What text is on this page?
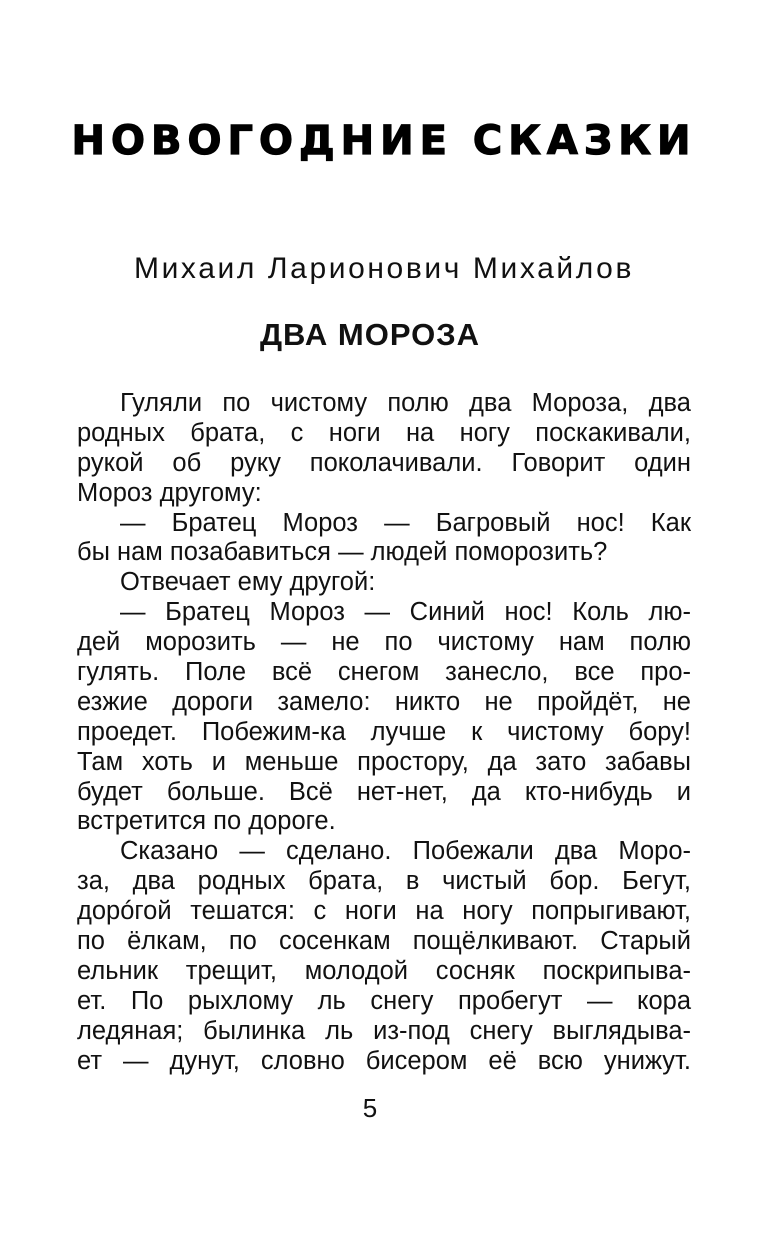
НОВОГОДНИЕ СКАЗКИ
Михаил Ларионович Михайлов
ДВА МОРОЗА
Гуляли по чистому полю два Мороза, два
родных брата, с ноги на ногу поскакивали,
рукой об руку поколачивали. Говорит один
Мороз другому:
— Братец Мороз — Багровый нос! Как
бы нам позабавиться — людей поморозить?
Отвечает ему другой:
— Братец Мороз — Синий нос! Коль лю-
дей морозить — не по чистому нам полю
гулять. Поле всё снегом занесло, все про-
езжие дороги замело: никто не пройдёт, не
проедет. Побежим-ка лучше к чистому бору!
Там хоть и меньше простору, да зато забавы
будет больше. Всё нет-нет, да кто-нибудь и
встретится по дороге.
Сказано — сделано. Побежали два Моро-
за, два родных брата, в чистый бор. Бегут,
дорóгой тешатся: с ноги на ногу попрыгивают,
по ёлкам, по сосенкам пощёлкивают. Старый
ельник трещит, молодой сосняк поскрипыва-
ет. По рыхлому ль снегу пробегут — кора
ледяная; былинка ль из-под снегу выглядыва-
ет — дунут, словно бисером её всю унижут.
5
